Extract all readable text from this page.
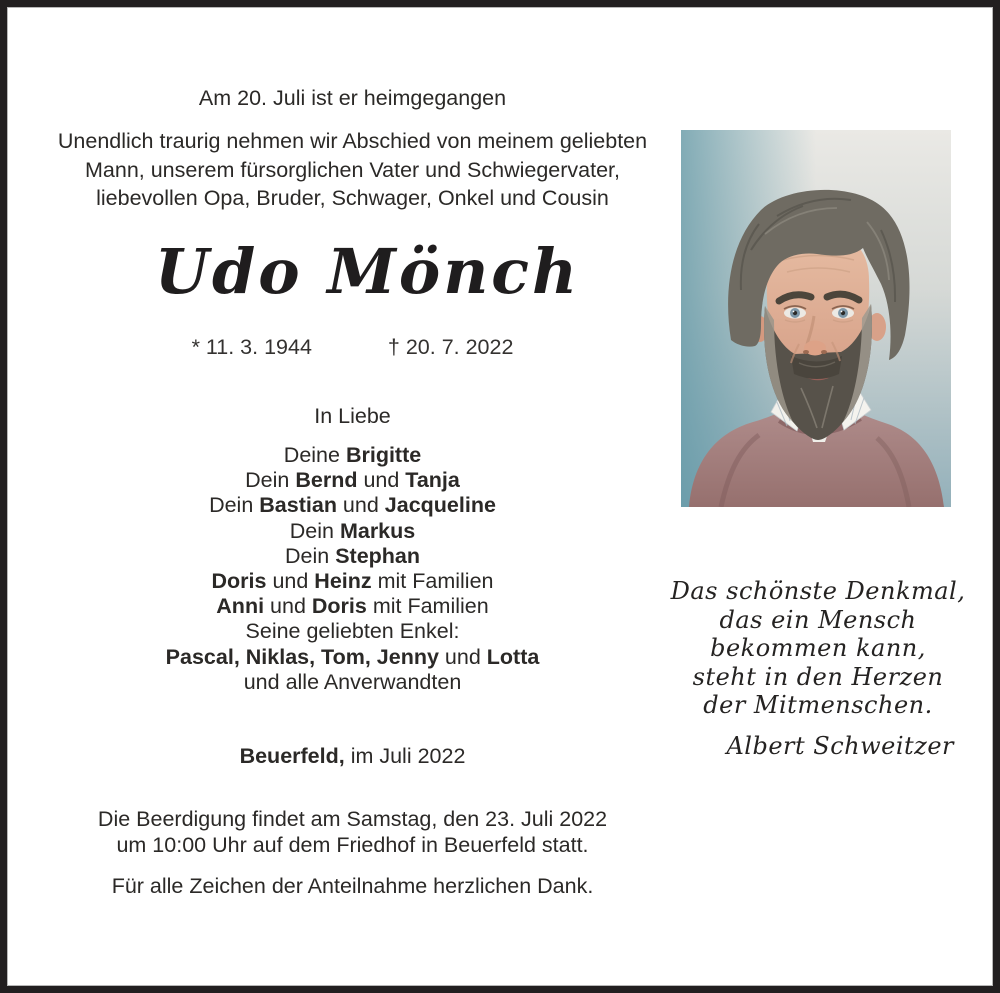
Am 20. Juli ist er heimgegangen
Unendlich traurig nehmen wir Abschied von meinem geliebten
Mann, unserem fürsorglichen Vater und Schwiegervater,
liebevollen Opa, Bruder, Schwager, Onkel und Cousin
Udo Mönch
* 11. 3. 1944	† 20. 7. 2022
In Liebe
Deine Brigitte
Dein Bernd und Tanja
Dein Bastian und Jacqueline
Dein Markus
Dein Stephan
Doris und Heinz mit Familien
Anni und Doris mit Familien
Seine geliebten Enkel:
Pascal, Niklas, Tom, Jenny und Lotta
und alle Anverwandten
Beuerfeld, im Juli 2022
Die Beerdigung findet am Samstag, den 23. Juli 2022
um 10:00 Uhr auf dem Friedhof in Beuerfeld statt.
Für alle Zeichen der Anteilnahme herzlichen Dank.
Das schönste Denkmal,
das ein Mensch
bekommen kann,
steht in den Herzen
der Mitmenschen.
Albert Schweitzer
